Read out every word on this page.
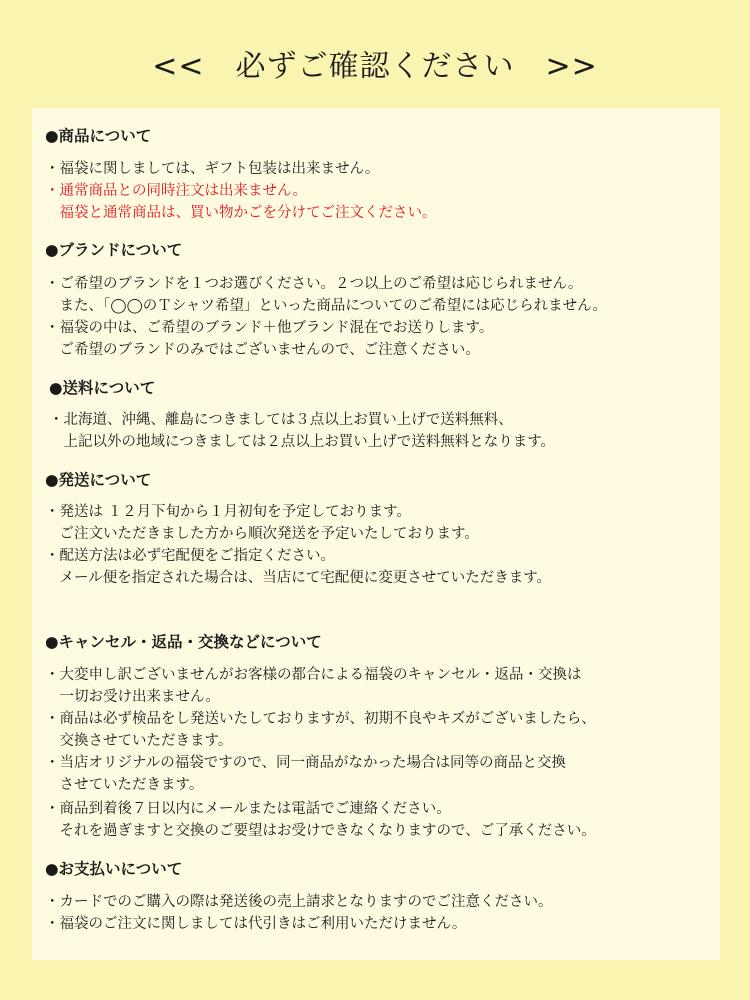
<<　必ずご確認ください　>>
●商品について
・福袋に関しましては、ギフト包装は出来ません。
・通常商品との同時注文は出来ません。
　福袋と通常商品は、買い物かごを分けてご注文ください。
●ブランドについて
・ご希望のブランドを１つお選びください。２つ以上のご希望は応じられません。
　また、「◯◯のＴシャツ希望」といった商品についてのご希望には応じられません。
・福袋の中は、ご希望のブランド＋他ブランド混在でお送りします。
　ご希望のブランドのみではございませんので、ご注意ください。
●送料について
・北海道、沖縄、離島につきましては３点以上お買い上げで送料無料、
　上記以外の地域につきましては２点以上お買い上げで送料無料となります。
●発送について
・発送は １２月下旬から１月初旬を予定しております。
　ご注文いただきました方から順次発送を予定いたしております。
・配送方法は必ず宅配便をご指定ください。
　メール便を指定された場合は、当店にて宅配便に変更させていただきます。
●キャンセル・返品・交換などについて
・大変申し訳ございませんがお客様の都合による福袋のキャンセル・返品・交換は
　一切お受け出来ません。
・商品は必ず検品をし発送いたしておりますが、初期不良やキズがございましたら、
　交換させていただきます。
・当店オリジナルの福袋ですので、同一商品がなかった場合は同等の商品と交換
　させていただきます。
・商品到着後７日以内にメールまたは電話でご連絡ください。
　それを過ぎますと交換のご要望はお受けできなくなりますので、ご了承ください。
●お支払いについて
・カードでのご購入の際は発送後の売上請求となりますのでご注意ください。
・福袋のご注文に関しましては代引きはご利用いただけません。
